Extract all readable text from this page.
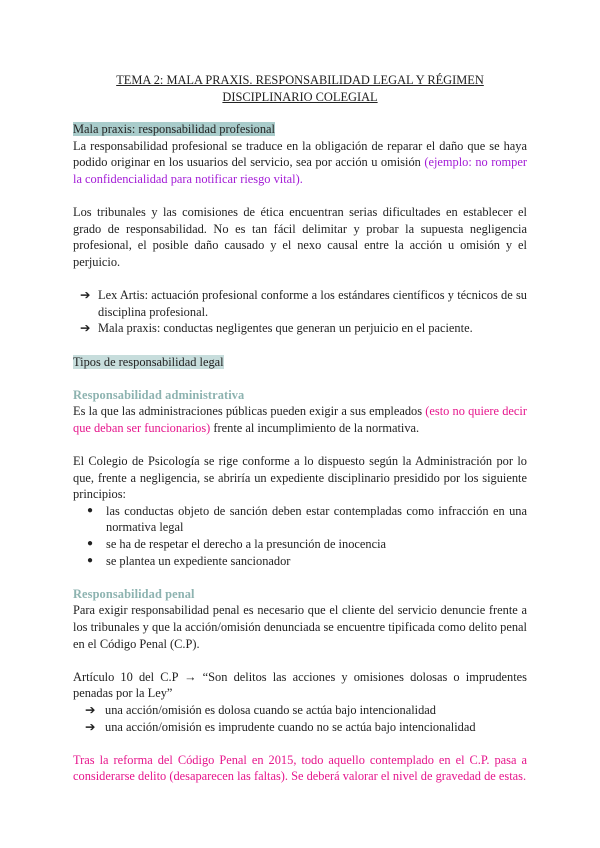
TEMA 2: MALA PRAXIS. RESPONSABILIDAD LEGAL Y RÉGIMEN DISCIPLINARIO COLEGIAL

Mala praxis: responsabilidad profesional

La responsabilidad profesional se traduce en la obligación de reparar el daño que se haya podido originar en los usuarios del servicio, sea por acción u omisión (ejemplo: no romper la confidencialidad para notificar riesgo vital).

Los tribunales y las comisiones de ética encuentran serias dificultades en establecer el grado de responsabilidad. No es tan fácil delimitar y probar la supuesta negligencia profesional, el posible daño causado y el nexo causal entre la acción u omisión y el perjuicio.

➔ Lex Artis: actuación profesional conforme a los estándares científicos y técnicos de su disciplina profesional.
➔ Mala praxis: conductas negligentes que generan un perjuicio en el paciente.
Tipos de responsabilidad legal

Responsabilidad administrativa

Es la que las administraciones públicas pueden exigir a sus empleados (esto no quiere decir que deban ser funcionarios) frente al incumplimiento de la normativa.

El Colegio de Psicología se rige conforme a lo dispuesto según la Administración por lo que, frente a negligencia, se abriría un expediente disciplinario presidido por los siguiente principios:

● las conductas objeto de sanción deben estar contempladas como infracción en una normativa legal
● se ha de respetar el derecho a la presunción de inocencia
● se plantea un expediente sancionador

Responsabilidad penal

Para exigir responsabilidad penal es necesario que el cliente del servicio denuncie frente a los tribunales y que la acción/omisión denunciada se encuentre tipificada como delito penal en el Código Penal (C.P).

Artículo 10 del C.P → “Son delitos las acciones y omisiones dolosas o imprudentes penadas por la Ley”

➔ una acción/omisión es dolosa cuando se actúa bajo intencionalidad
➔ una acción/omisión es imprudente cuando no se actúa bajo intencionalidad

Tras la reforma del Código Penal en 2015, todo aquello contemplado en el C.P. pasa a considerarse delito (desaparecen las faltas). Se deberá valorar el nivel de gravedad de estas.
